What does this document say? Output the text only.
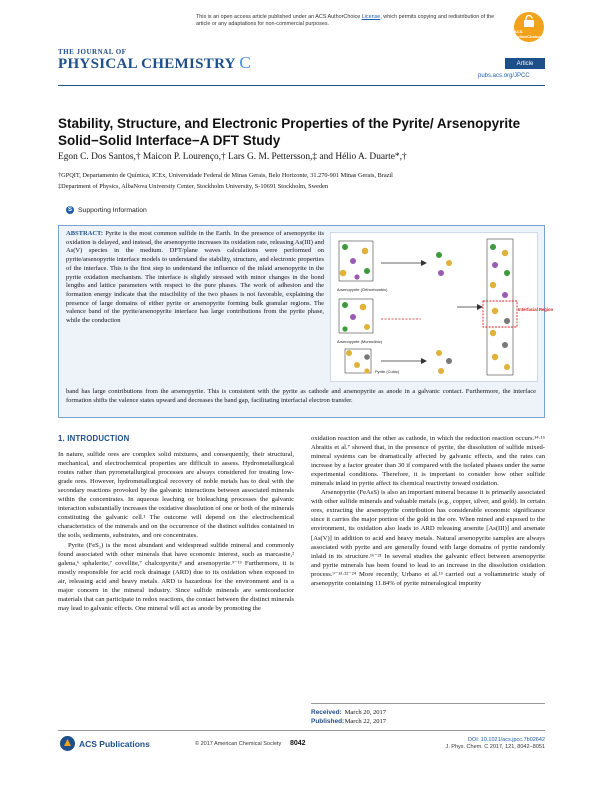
This is an open access article published under an ACS AuthorChoice License, which permits copying and redistribution of the article or any adaptations for non-commercial purposes.
ACS AuthorChoice
THE JOURNAL OF
PHYSICAL CHEMISTRY C	Article
pubs.acs.org/JPCC
Stability, Structure, and Electronic Properties of the Pyrite/ Arsenopyrite Solid−Solid Interface−A DFT Study
Egon C. Dos Santos,† Maicon P. Lourenço,† Lars G. M. Pettersson,‡ and Hélio A. Duarte*,†
†GPQIT, Departamento de Química, ICEx, Universidade Federal de Minas Gerais, Belo Horizonte, 31.270-901 Minas Gerais, Brazil
‡Department of Physics, AlbaNova University Center, Stockholm University, S-10691 Stockholm, Sweden
S Supporting Information
ABSTRACT: Pyrite is the most common sulfide in the Earth. In the presence of arsenopyrite its oxidation is delayed, and instead, the arsenopyrite increases its oxidation rate, releasing As(III) and As(V) species in the medium. DFT/plane waves calculations were performed on pyrite/arsenopyrite interface models to understand the stability, structure, and electronic properties of the interface. This is the first step to understand the influence of the inlaid arsenopyrite in the pyrite oxidation mechanism. The interface is slightly stressed with minor changes in the bond lengths and lattice parameters with respect to the pure phases. The work of adhesion and the formation energy indicate that the miscibility of the two phases is not favorable, explaining the presence of large domains of either pyrite or arsenopyrite forming bulk granular regions. The valence band of the pyrite/arsenopyrite interface has large contributions from the pyrite phase, while the conduction
band has large contributions from the arsenopyrite. This is consistent with the pyrite as cathode and arsenopyrite as anode in a galvanic contact. Furthermore, the interface formation shifts the valence states upward and decreases the band gap, facilitating interfacial electron transfer.
Arsenopyrite (Orthorhombic)
Arsenopyrite (Monoclinic)
Pyrite (Cubic)
Interfacial Region
1. INTRODUCTION

In nature, sulfide ores are complex solid mixtures, and consequently, their structural, mechanical, and electrochemical properties are difficult to assess. Hydrometallurgical routes rather than pyrometallurgical processes are always considered for treating low-grade ores. However, hydrometallurgical recovery of noble metals has to deal with the secondary reactions provoked by the galvanic interactions between associated minerals within the concentrates. In aqueous leaching or bioleaching processes the galvanic interaction substantially increases the oxidative dissolution of one or both of the minerals constituting the galvanic cell.¹ The outcome will depend on the electrochemical characteristics of the minerals and on the occurrence of the distinct sulfides contained in the soils, sediments, substrates, and ore concentrates.

Pyrite (FeS₂) is the most abundant and widespread sulfide mineral and commonly found associated with other minerals that have economic interest, such as marcasite,² galena,⁶ sphalerite,⁷ covellite,⁷ chalcopyrite,⁸ and arsenopyrite.⁹⁻¹³ Furthermore, it is mostly responsible for acid rock drainage (ARD) due to its oxidation when exposed to air, releasing acid and heavy metals. ARD is hazardous for the environment and is a major concern in the mineral industry. Since sulfide minerals are semiconductor materials that can participate in redox reactions, the contact between the distinct minerals may lead to galvanic effects. One mineral will act as anode by promoting the

oxidation reaction and the other as cathode, in which the reduction reaction occurs.¹⁴·¹⁵ Abraitis et al.⁷ showed that, in the presence of pyrite, the dissolution of sulfide mixed-mineral systems can be dramatically affected by galvanic effects, and the rates can increase by a factor greater than 30 if compared with the isolated phases under the same experimental conditions. Therefore, it is important to consider how other sulfide minerals inlaid in pyrite affect its chemical reactivity toward oxidation.

Arsenopyrite (FeAsS) is also an important mineral because it is primarily associated with other sulfide minerals and valuable metals (e.g., copper, silver, and gold). In certain ores, extracting the arsenopyrite contribution has considerable economic significance since it carries the major portion of the gold in the ore. When mined and exposed to the environment, its oxidation also leads to ARD releasing arsenite [As(III)] and arsenate [As(V)] in addition to acid and heavy metals. Natural arsenopyrite samples are always associated with pyrite and are generally found with large domains of pyrite randomly inlaid in its structure.¹⁶⁻²¹ In several studies the galvanic effect between arsenopyrite and pyrite minerals has been found to lead to an increase in the dissolution oxidation process.⁹⁻¹³·²²⁻²⁴ More recently, Urbano et al.¹³ carried out a voltammetric study of arsenopyrite containing 11.84% of pyrite mineralogical impurity

Received: March 20, 2017
Published: March 22, 2017
ACS Publications	© 2017 American Chemical Society 8042	DOI: 10.1021/acs.jpcc.7b02642
J. Phys. Chem. C 2017, 121, 8042−8051
